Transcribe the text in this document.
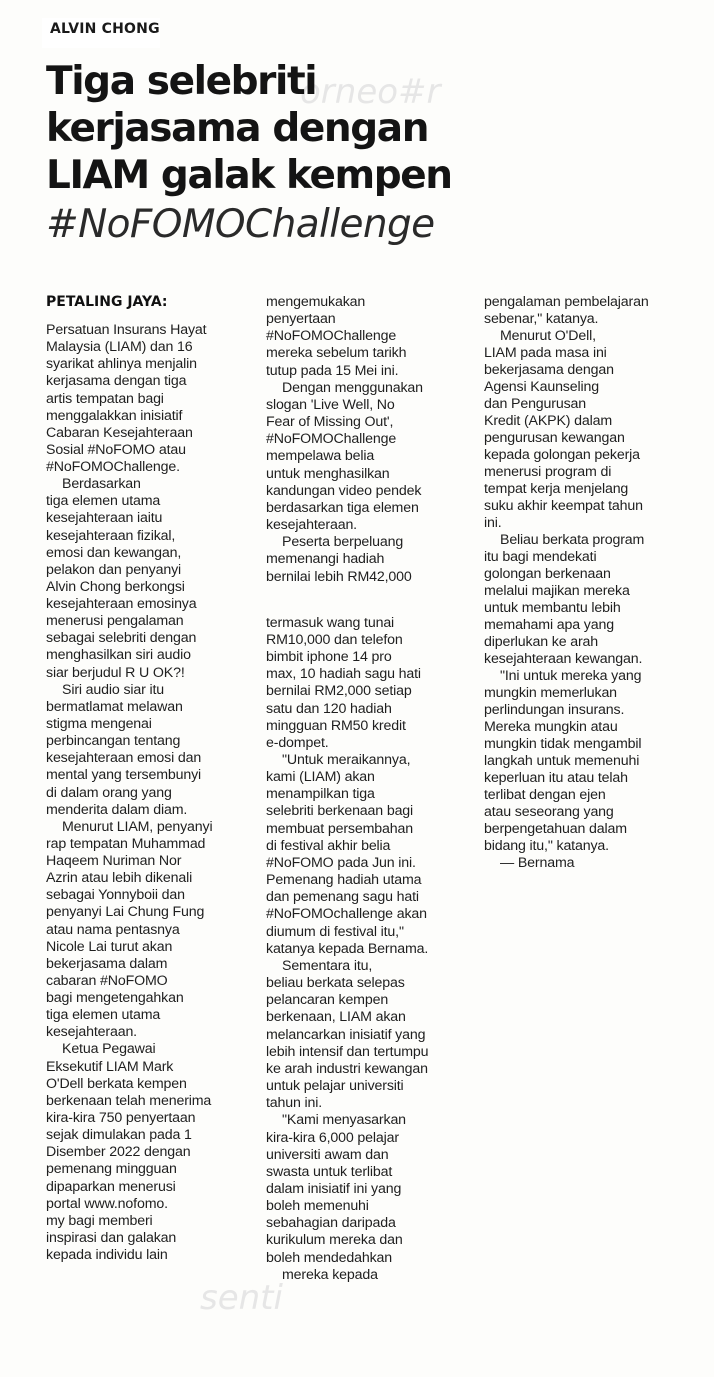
orneo#r
senti
ALVIN CHONG
Tiga selebriti
kerjasama dengan
LIAM galak kempen
#NoFOMOChallenge
PETALING JAYA:
Persatuan Insurans Hayat
Malaysia (LIAM) dan 16
syarikat ahlinya menjalin
kerjasama dengan tiga
artis tempatan bagi
menggalakkan inisiatif
Cabaran Kesejahteraan
Sosial #NoFOMO atau
#NoFOMOChallenge.
Berdasarkan
tiga elemen utama
kesejahteraan iaitu
kesejahteraan fizikal,
emosi dan kewangan,
pelakon dan penyanyi
Alvin Chong berkongsi
kesejahteraan emosinya
menerusi pengalaman
sebagai selebriti dengan
menghasilkan siri audio
siar berjudul R U OK?!
Siri audio siar itu
bermatlamat melawan
stigma mengenai
perbincangan tentang
kesejahteraan emosi dan
mental yang tersembunyi
di dalam orang yang
menderita dalam diam.
Menurut LIAM, penyanyi
rap tempatan Muhammad
Haqeem Nuriman Nor
Azrin atau lebih dikenali
sebagai Yonnyboii dan
penyanyi Lai Chung Fung
atau nama pentasnya
Nicole Lai turut akan
bekerjasama dalam
cabaran #NoFOMO
bagi mengetengahkan
tiga elemen utama
kesejahteraan.
Ketua Pegawai
Eksekutif LIAM Mark
O'Dell berkata kempen
berkenaan telah menerima
kira-kira 750 penyertaan
sejak dimulakan pada 1
Disember 2022 dengan
pemenang mingguan
dipaparkan menerusi
portal www.nofomo.
my bagi memberi
inspirasi dan galakan
kepada individu lain
mengemukakan
penyertaan
#NoFOMOChallenge
mereka sebelum tarikh
tutup pada 15 Mei ini.
Dengan menggunakan
slogan 'Live Well, No
Fear of Missing Out',
#NoFOMOChallenge
mempelawa belia
untuk menghasilkan
kandungan video pendek
berdasarkan tiga elemen
kesejahteraan.
Peserta berpeluang
memenangi hadiah
bernilai lebih RM42,000
termasuk wang tunai
RM10,000 dan telefon
bimbit iphone 14 pro
max, 10 hadiah sagu hati
bernilai RM2,000 setiap
satu dan 120 hadiah
mingguan RM50 kredit
e-dompet.
"Untuk meraikannya,
kami (LIAM) akan
menampilkan tiga
selebriti berkenaan bagi
membuat persembahan
di festival akhir belia
#NoFOMO pada Jun ini.
Pemenang hadiah utama
dan pemenang sagu hati
#NoFOMOchallenge akan
diumum di festival itu,"
katanya kepada Bernama.
Sementara itu,
beliau berkata selepas
pelancaran kempen
berkenaan, LIAM akan
melancarkan inisiatif yang
lebih intensif dan tertumpu
ke arah industri kewangan
untuk pelajar universiti
tahun ini.
"Kami menyasarkan
kira-kira 6,000 pelajar
universiti awam dan
swasta untuk terlibat
dalam inisiatif ini yang
boleh memenuhi
sebahagian daripada
kurikulum mereka dan
boleh mendedahkan
mereka kepada
pengalaman pembelajaran
sebenar," katanya.
Menurut O'Dell,
LIAM pada masa ini
bekerjasama dengan
Agensi Kaunseling
dan Pengurusan
Kredit (AKPK) dalam
pengurusan kewangan
kepada golongan pekerja
menerusi program di
tempat kerja menjelang
suku akhir keempat tahun
ini.
Beliau berkata program
itu bagi mendekati
golongan berkenaan
melalui majikan mereka
untuk membantu lebih
memahami apa yang
diperlukan ke arah
kesejahteraan kewangan.
"Ini untuk mereka yang
mungkin memerlukan
perlindungan insurans.
Mereka mungkin atau
mungkin tidak mengambil
langkah untuk memenuhi
keperluan itu atau telah
terlibat dengan ejen
atau seseorang yang
berpengetahuan dalam
bidang itu," katanya.
— Bernama
